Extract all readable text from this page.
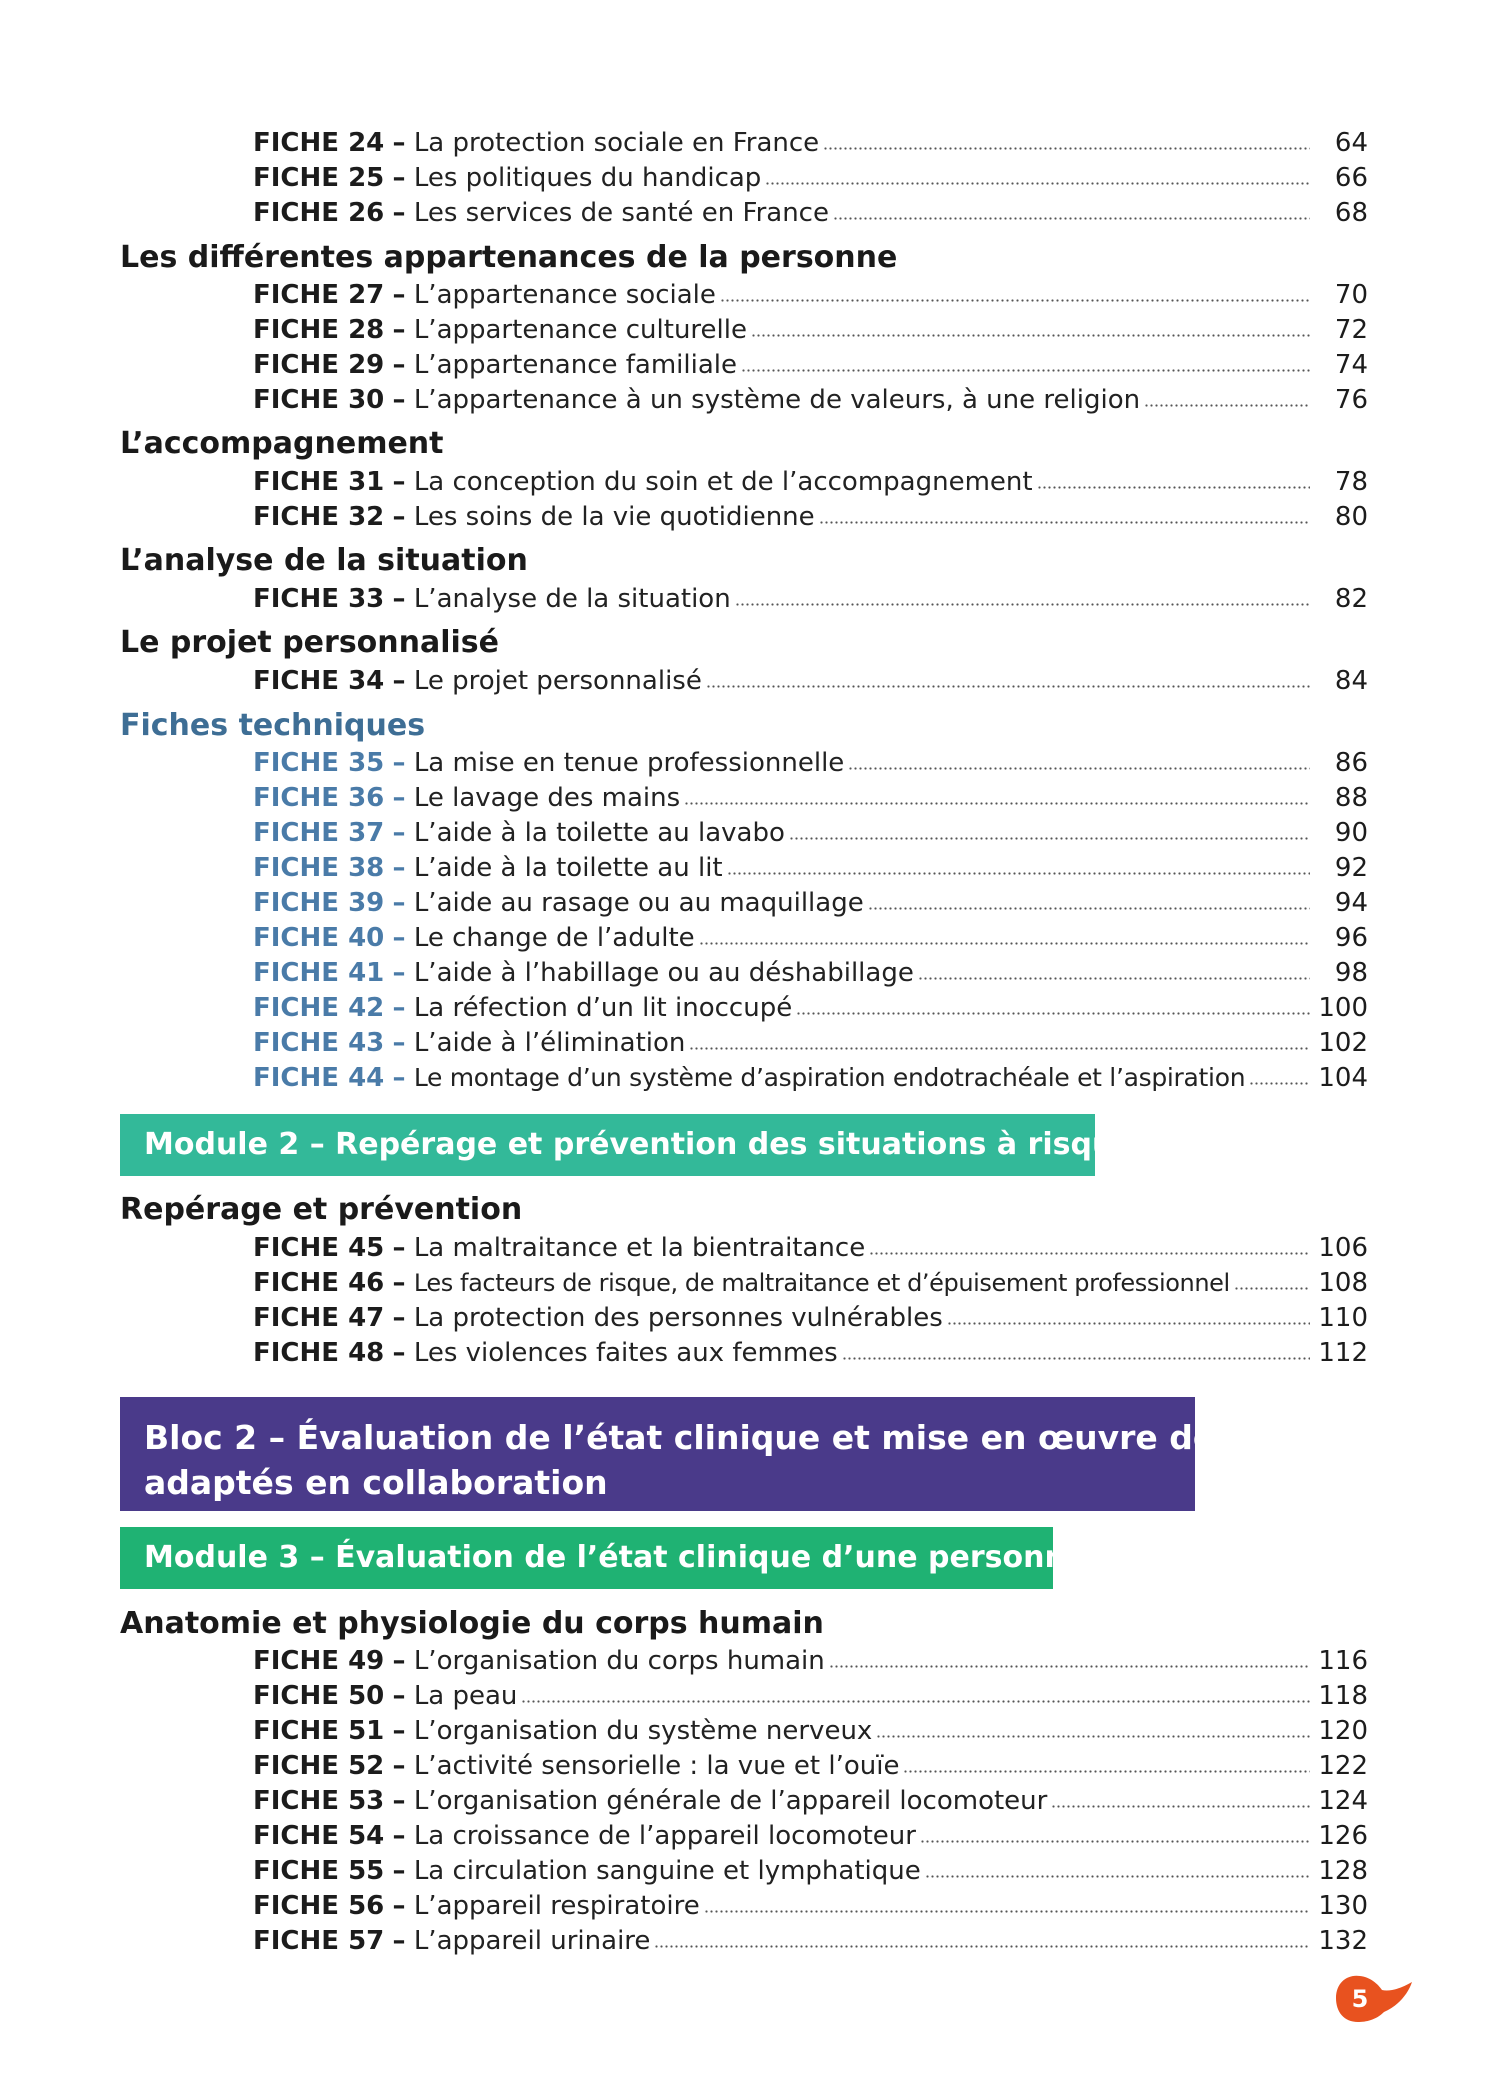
FICHE 24 – La protection sociale en France	64
FICHE 25 – Les politiques du handicap	66
FICHE 26 – Les services de santé en France	68
Les différentes appartenances de la personne
FICHE 27 – L’appartenance sociale	70
FICHE 28 – L’appartenance culturelle	72
FICHE 29 – L’appartenance familiale	74
FICHE 30 – L’appartenance à un système de valeurs, à une religion	76
L’accompagnement
FICHE 31 – La conception du soin et de l’accompagnement	78
FICHE 32 – Les soins de la vie quotidienne	80
L’analyse de la situation
FICHE 33 – L’analyse de la situation	82
Le projet personnalisé
FICHE 34 – Le projet personnalisé	84
Fiches techniques
FICHE 35 – La mise en tenue professionnelle	86
FICHE 36 – Le lavage des mains	88
FICHE 37 – L’aide à la toilette au lavabo	90
FICHE 38 – L’aide à la toilette au lit	92
FICHE 39 – L’aide au rasage ou au maquillage	94
FICHE 40 – Le change de l’adulte	96
FICHE 41 – L’aide à l’habillage ou au déshabillage	98
FICHE 42 – La réfection d’un lit inoccupé	100
FICHE 43 – L’aide à l’élimination	102
FICHE 44 – Le montage d’un système d’aspiration endotrachéale et l’aspiration	104
Module 2 – Repérage et prévention des situations à risque
Repérage et prévention
FICHE 45 – La maltraitance et la bientraitance	106
FICHE 46 – Les facteurs de risque, de maltraitance et d’épuisement professionnel	108
FICHE 47 – La protection des personnes vulnérables	110
FICHE 48 – Les violences faites aux femmes	112
Bloc 2 – Évaluation de l’état clinique et mise en œuvre de soins
adaptés en collaboration
Module 3 – Évaluation de l’état clinique d’une personne
Anatomie et physiologie du corps humain
FICHE 49 – L’organisation du corps humain	116
FICHE 50 – La peau	118
FICHE 51 – L’organisation du système nerveux	120
FICHE 52 – L’activité sensorielle : la vue et l’ouïe	122
FICHE 53 – L’organisation générale de l’appareil locomoteur	124
FICHE 54 – La croissance de l’appareil locomoteur	126
FICHE 55 – La circulation sanguine et lymphatique	128
FICHE 56 – L’appareil respiratoire	130
FICHE 57 – L’appareil urinaire	132
5
